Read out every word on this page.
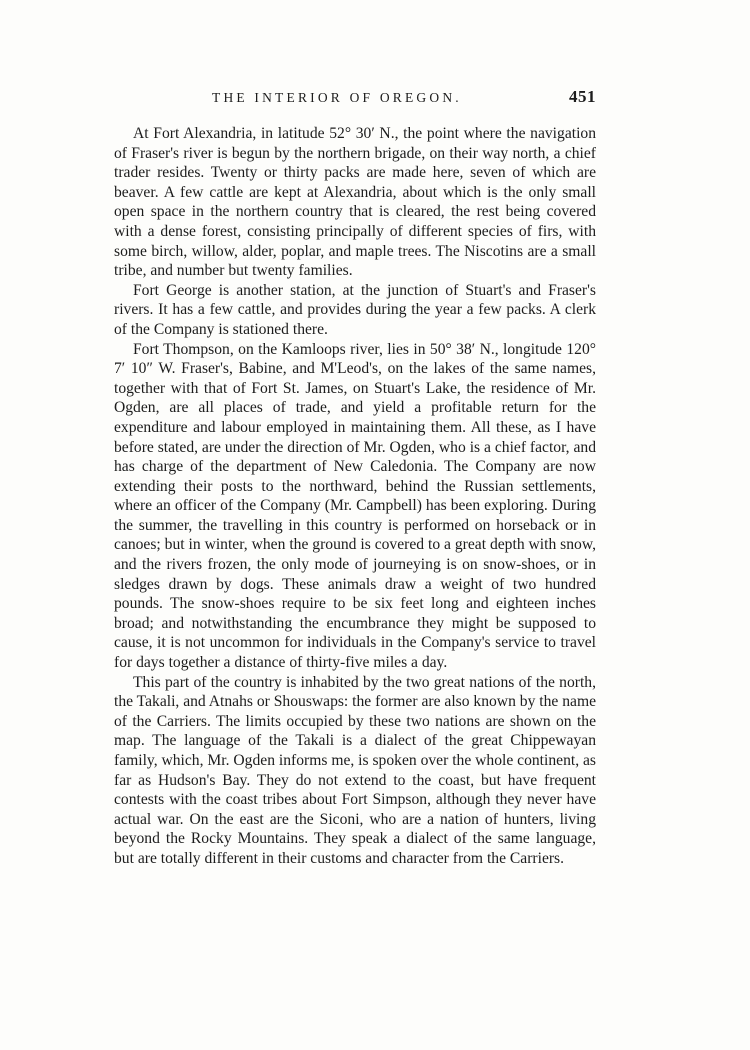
THE INTERIOR OF OREGON.	451

At Fort Alexandria, in latitude 52° 30′ N., the point where the navigation of Fraser's river is begun by the northern brigade, on their way north, a chief trader resides. Twenty or thirty packs are made here, seven of which are beaver. A few cattle are kept at Alexandria, about which is the only small open space in the northern country that is cleared, the rest being covered with a dense forest, consisting principally of different species of firs, with some birch, willow, alder, poplar, and maple trees. The Niscotins are a small tribe, and number but twenty families.

Fort George is another station, at the junction of Stuart's and Fraser's rivers. It has a few cattle, and provides during the year a few packs. A clerk of the Company is stationed there.

Fort Thompson, on the Kamloops river, lies in 50° 38′ N., longitude 120° 7′ 10″ W. Fraser's, Babine, and M'Leod's, on the lakes of the same names, together with that of Fort St. James, on Stuart's Lake, the residence of Mr. Ogden, are all places of trade, and yield a profitable return for the expenditure and labour employed in maintaining them. All these, as I have before stated, are under the direction of Mr. Ogden, who is a chief factor, and has charge of the department of New Caledonia. The Company are now extending their posts to the northward, behind the Russian settlements, where an officer of the Company (Mr. Campbell) has been exploring. During the summer, the travelling in this country is performed on horseback or in canoes; but in winter, when the ground is covered to a great depth with snow, and the rivers frozen, the only mode of journeying is on snow-shoes, or in sledges drawn by dogs. These animals draw a weight of two hundred pounds. The snow-shoes require to be six feet long and eighteen inches broad; and notwithstanding the encumbrance they might be supposed to cause, it is not uncommon for individuals in the Company's service to travel for days together a distance of thirty-five miles a day.

This part of the country is inhabited by the two great nations of the north, the Takali, and Atnahs or Shouswaps: the former are also known by the name of the Carriers. The limits occupied by these two nations are shown on the map. The language of the Takali is a dialect of the great Chippewayan family, which, Mr. Ogden informs me, is spoken over the whole continent, as far as Hudson's Bay. They do not extend to the coast, but have frequent contests with the coast tribes about Fort Simpson, although they never have actual war. On the east are the Siconi, who are a nation of hunters, living beyond the Rocky Mountains. They speak a dialect of the same language, but are totally different in their customs and character from the Carriers.
